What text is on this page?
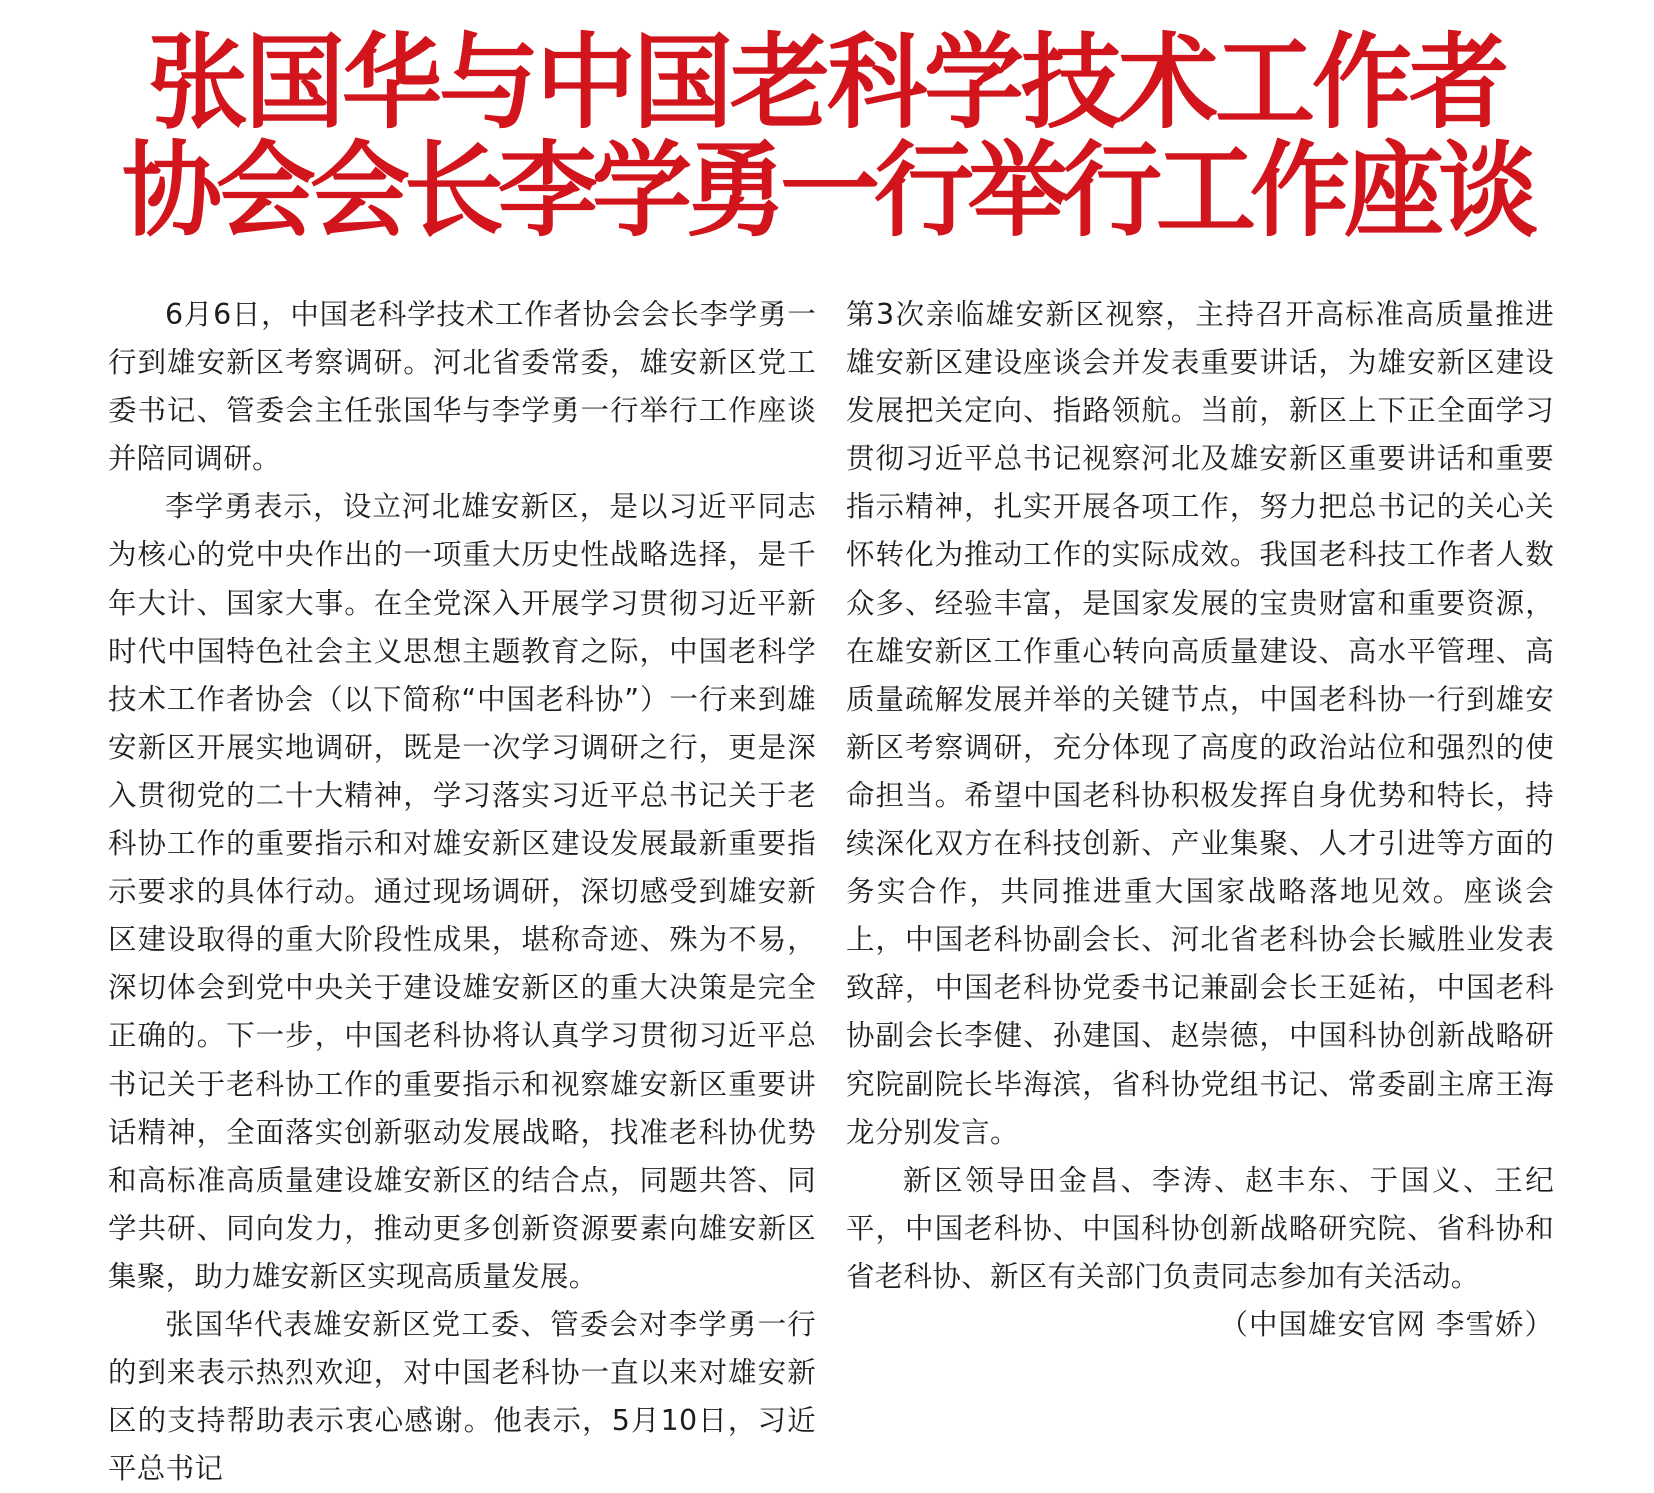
张国华与中国老科学技术工作者
协会会长李学勇一行举行工作座谈

6月6日，中国老科学技术工作者协会会长李学勇一行到雄安新区考察调研。河北省委常委，雄安新区党工委书记、管委会主任张国华与李学勇一行举行工作座谈并陪同调研。

李学勇表示，设立河北雄安新区，是以习近平同志为核心的党中央作出的一项重大历史性战略选择，是千年大计、国家大事。在全党深入开展学习贯彻习近平新时代中国特色社会主义思想主题教育之际，中国老科学技术工作者协会（以下简称“中国老科协”）一行来到雄安新区开展实地调研，既是一次学习调研之行，更是深入贯彻党的二十大精神，学习落实习近平总书记关于老科协工作的重要指示和对雄安新区建设发展最新重要指示要求的具体行动。通过现场调研，深切感受到雄安新区建设取得的重大阶段性成果，堪称奇迹、殊为不易，深切体会到党中央关于建设雄安新区的重大决策是完全正确的。下一步，中国老科协将认真学习贯彻习近平总书记关于老科协工作的重要指示和视察雄安新区重要讲话精神，全面落实创新驱动发展战略，找准老科协优势和高标准高质量建设雄安新区的结合点，同题共答、同学共研、同向发力，推动更多创新资源要素向雄安新区集聚，助力雄安新区实现高质量发展。

张国华代表雄安新区党工委、管委会对李学勇一行的到来表示热烈欢迎，对中国老科协一直以来对雄安新区的支持帮助表示衷心感谢。他表示，5月10日，习近平总书记

第3次亲临雄安新区视察，主持召开高标准高质量推进雄安新区建设座谈会并发表重要讲话，为雄安新区建设发展把关定向、指路领航。当前，新区上下正全面学习贯彻习近平总书记视察河北及雄安新区重要讲话和重要指示精神，扎实开展各项工作，努力把总书记的关心关怀转化为推动工作的实际成效。我国老科技工作者人数众多、经验丰富，是国家发展的宝贵财富和重要资源，在雄安新区工作重心转向高质量建设、高水平管理、高质量疏解发展并举的关键节点，中国老科协一行到雄安新区考察调研，充分体现了高度的政治站位和强烈的使命担当。希望中国老科协积极发挥自身优势和特长，持续深化双方在科技创新、产业集聚、人才引进等方面的务实合作，共同推进重大国家战略落地见效。座谈会上，中国老科协副会长、河北省老科协会长臧胜业发表致辞，中国老科协党委书记兼副会长王延祐，中国老科协副会长李健、孙建国、赵崇德，中国科协创新战略研究院副院长毕海滨，省科协党组书记、常委副主席王海龙分别发言。

新区领导田金昌、李涛、赵丰东、于国义、王纪平，中国老科协、中国科协创新战略研究院、省科协和省老科协、新区有关部门负责同志参加有关活动。

（中国雄安官网 李雪娇）
